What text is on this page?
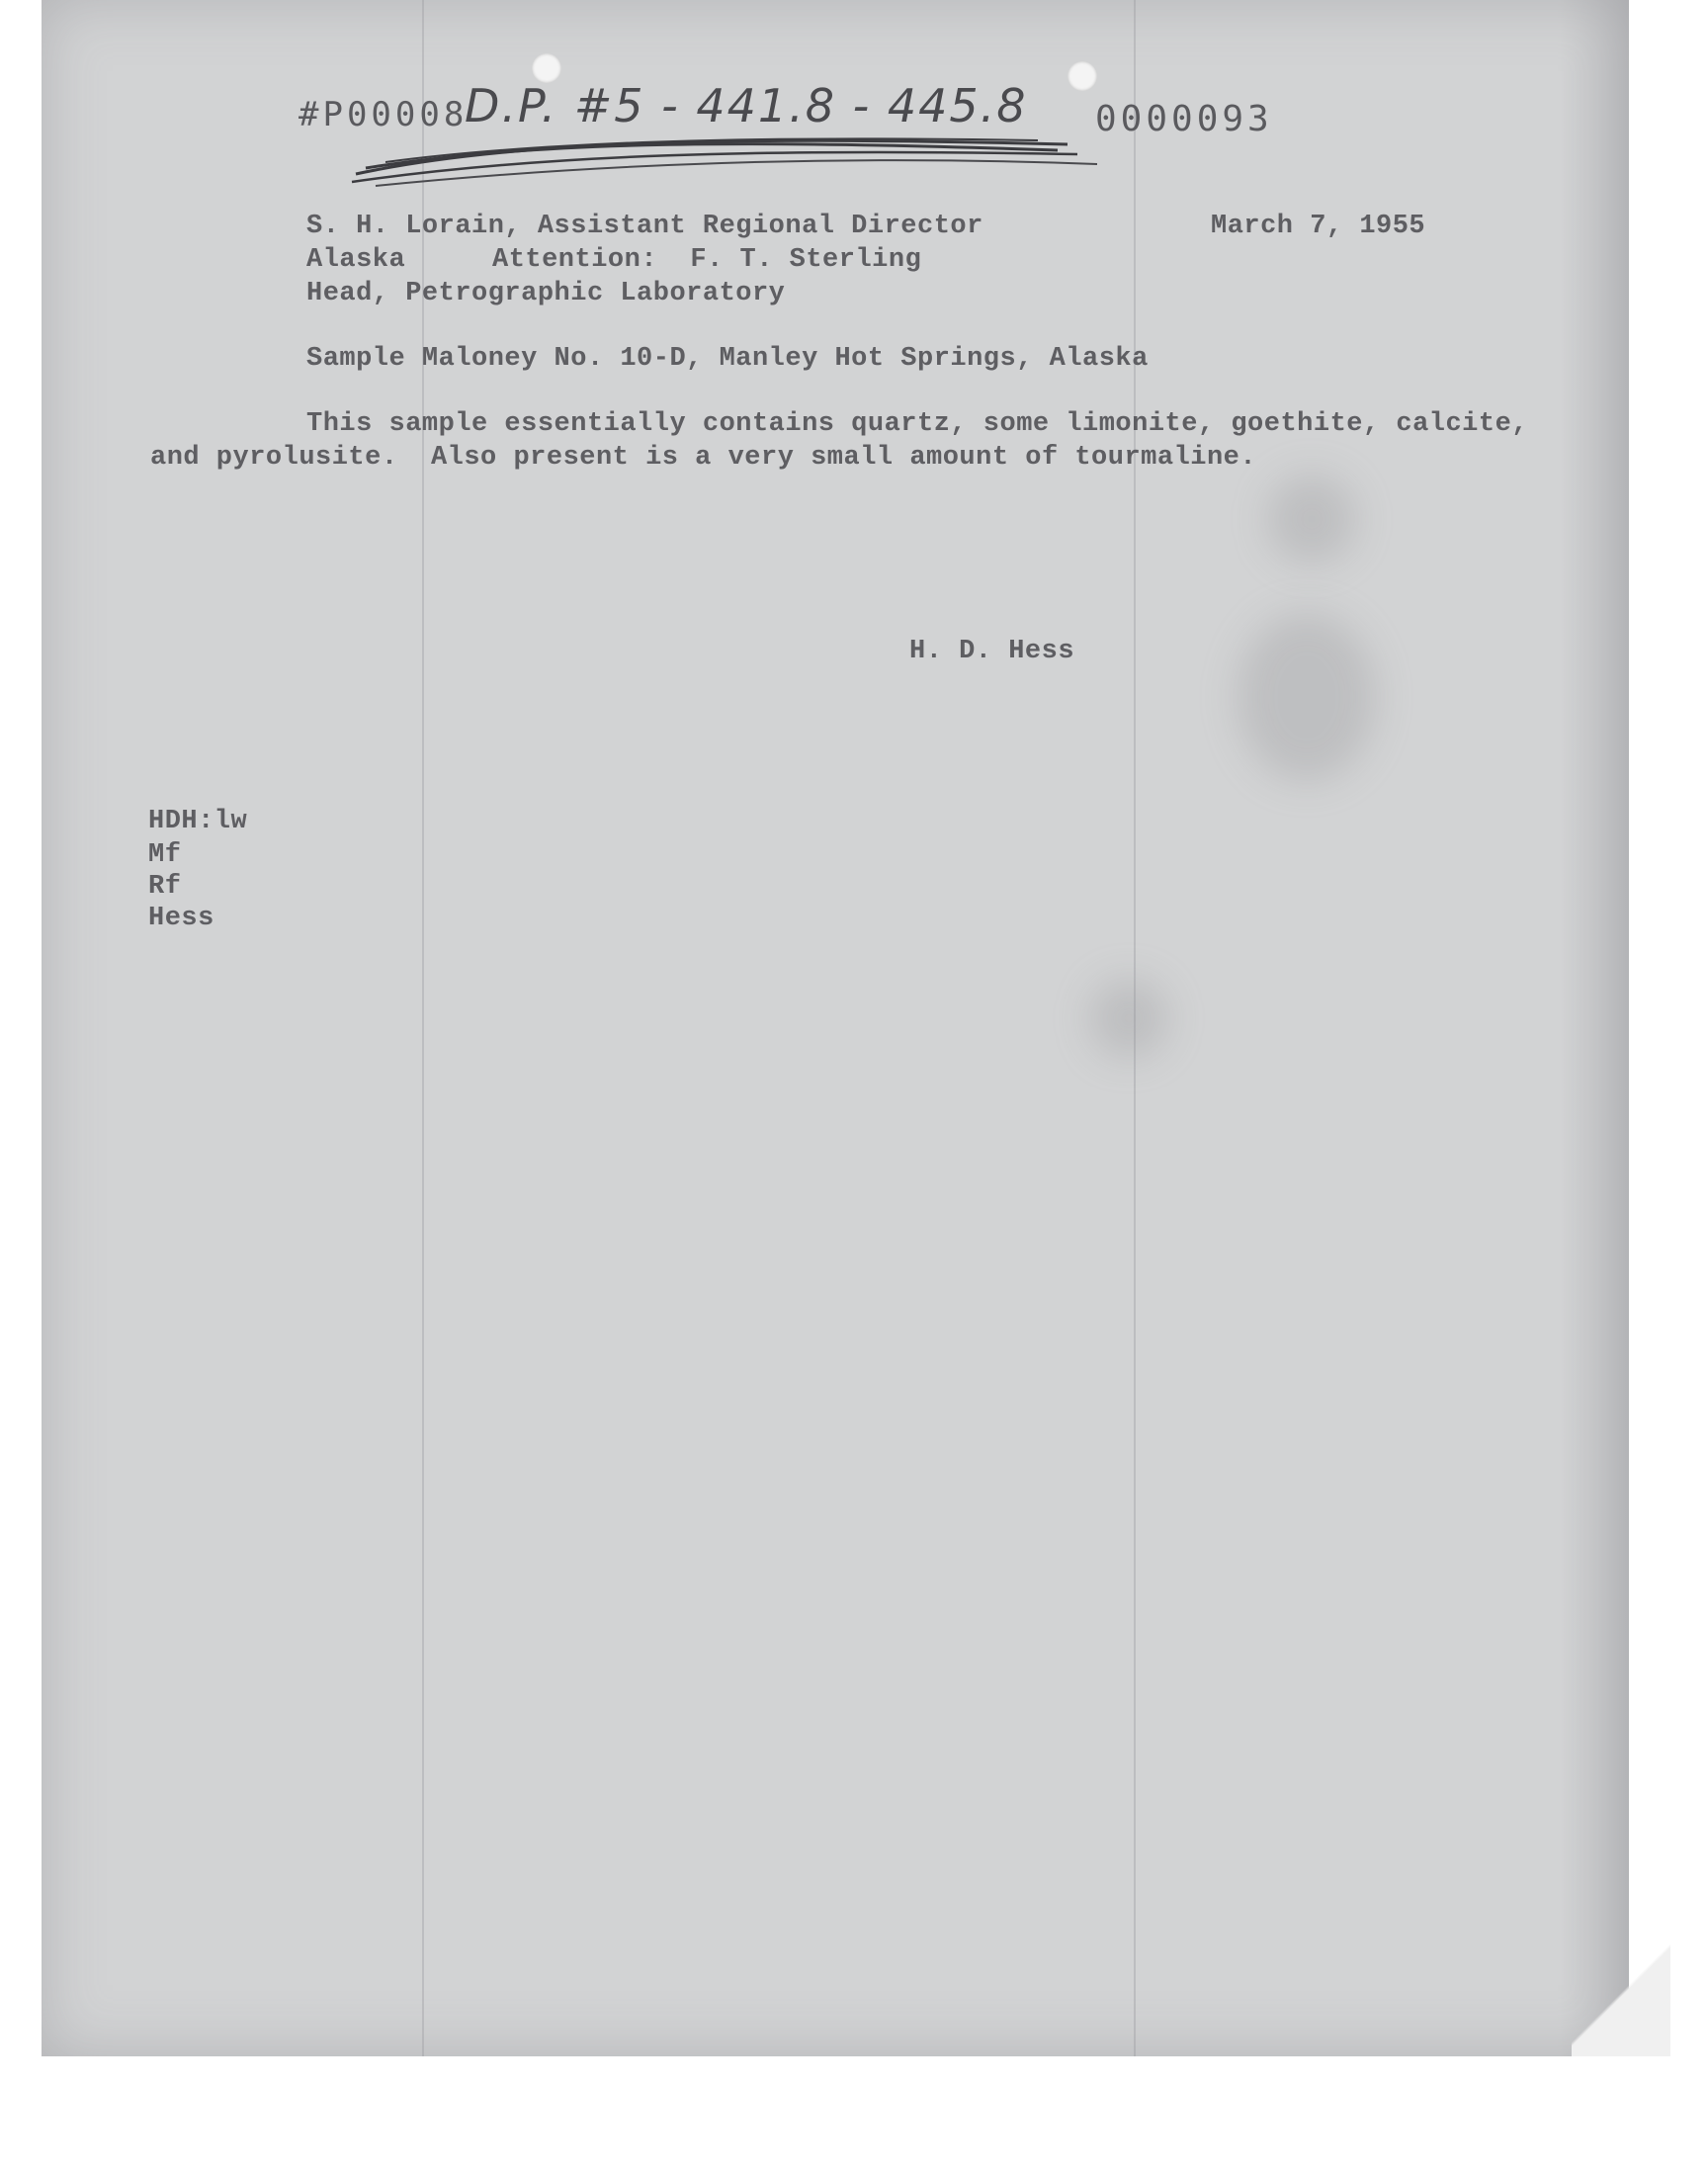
#P00008
D.P. #5 - 441.8 - 445.8 0000093
S. H. Lorain, Assistant Regional Director	March 7, 1955
Alaska	Attention:  F. T. Sterling
Head, Petrographic Laboratory
Sample Maloney No. 10-D, Manley Hot Springs, Alaska
This sample essentially contains quartz, some limonite, goethite, calcite,
and pyrolusite.  Also present is a very small amount of tourmaline.
H. D. Hess
HDH:lw
Mf
Rf
Hess
